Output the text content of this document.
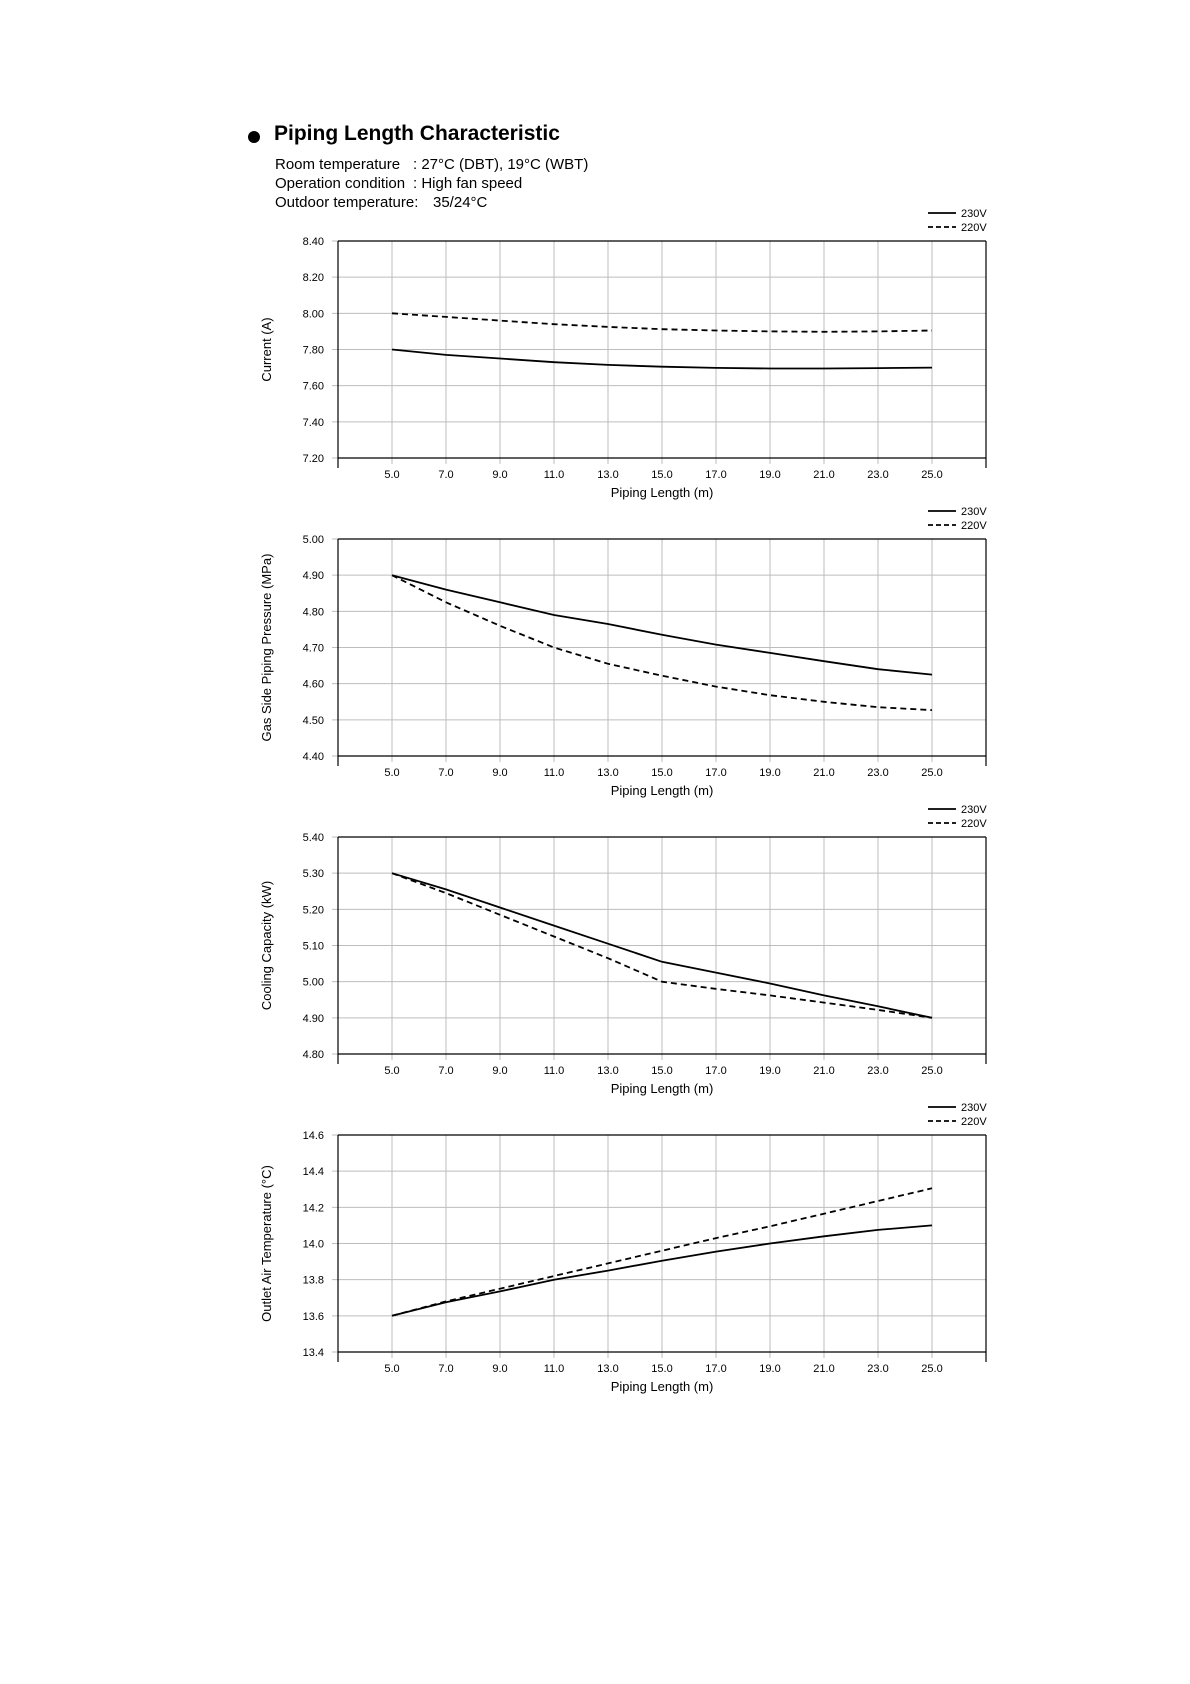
Piping Length Characteristic
Room temperature : 27°C (DBT), 19°C (WBT)
Operation condition : High fan speed
Outdoor temperature: 35/24°C
7.20
7.40
7.60
7.80
8.00
8.20
8.40
5.0	7.0	9.0	11.0	13.0	15.0	17.0	19.0	21.0	23.0	25.0
Piping Length (m)
Current (A)
230V
220V
4.40
4.50
4.60
4.70
4.80
4.90
5.00
5.0	7.0	9.0	11.0	13.0	15.0	17.0	19.0	21.0	23.0	25.0
Piping Length (m)
Gas Side Piping Pressure (MPa)
230V
220V
4.80
4.90
5.00
5.10
5.20
5.30
5.40
5.0	7.0	9.0	11.0	13.0	15.0	17.0	19.0	21.0	23.0	25.0
Piping Length (m)
Cooling Capacity (kW)
230V
220V
13.4
13.6
13.8
14.0
14.2
14.4
14.6
5.0	7.0	9.0	11.0	13.0	15.0	17.0	19.0	21.0	23.0	25.0
Piping Length (m)
Outlet Air Temperature (°C)
230V
220V
